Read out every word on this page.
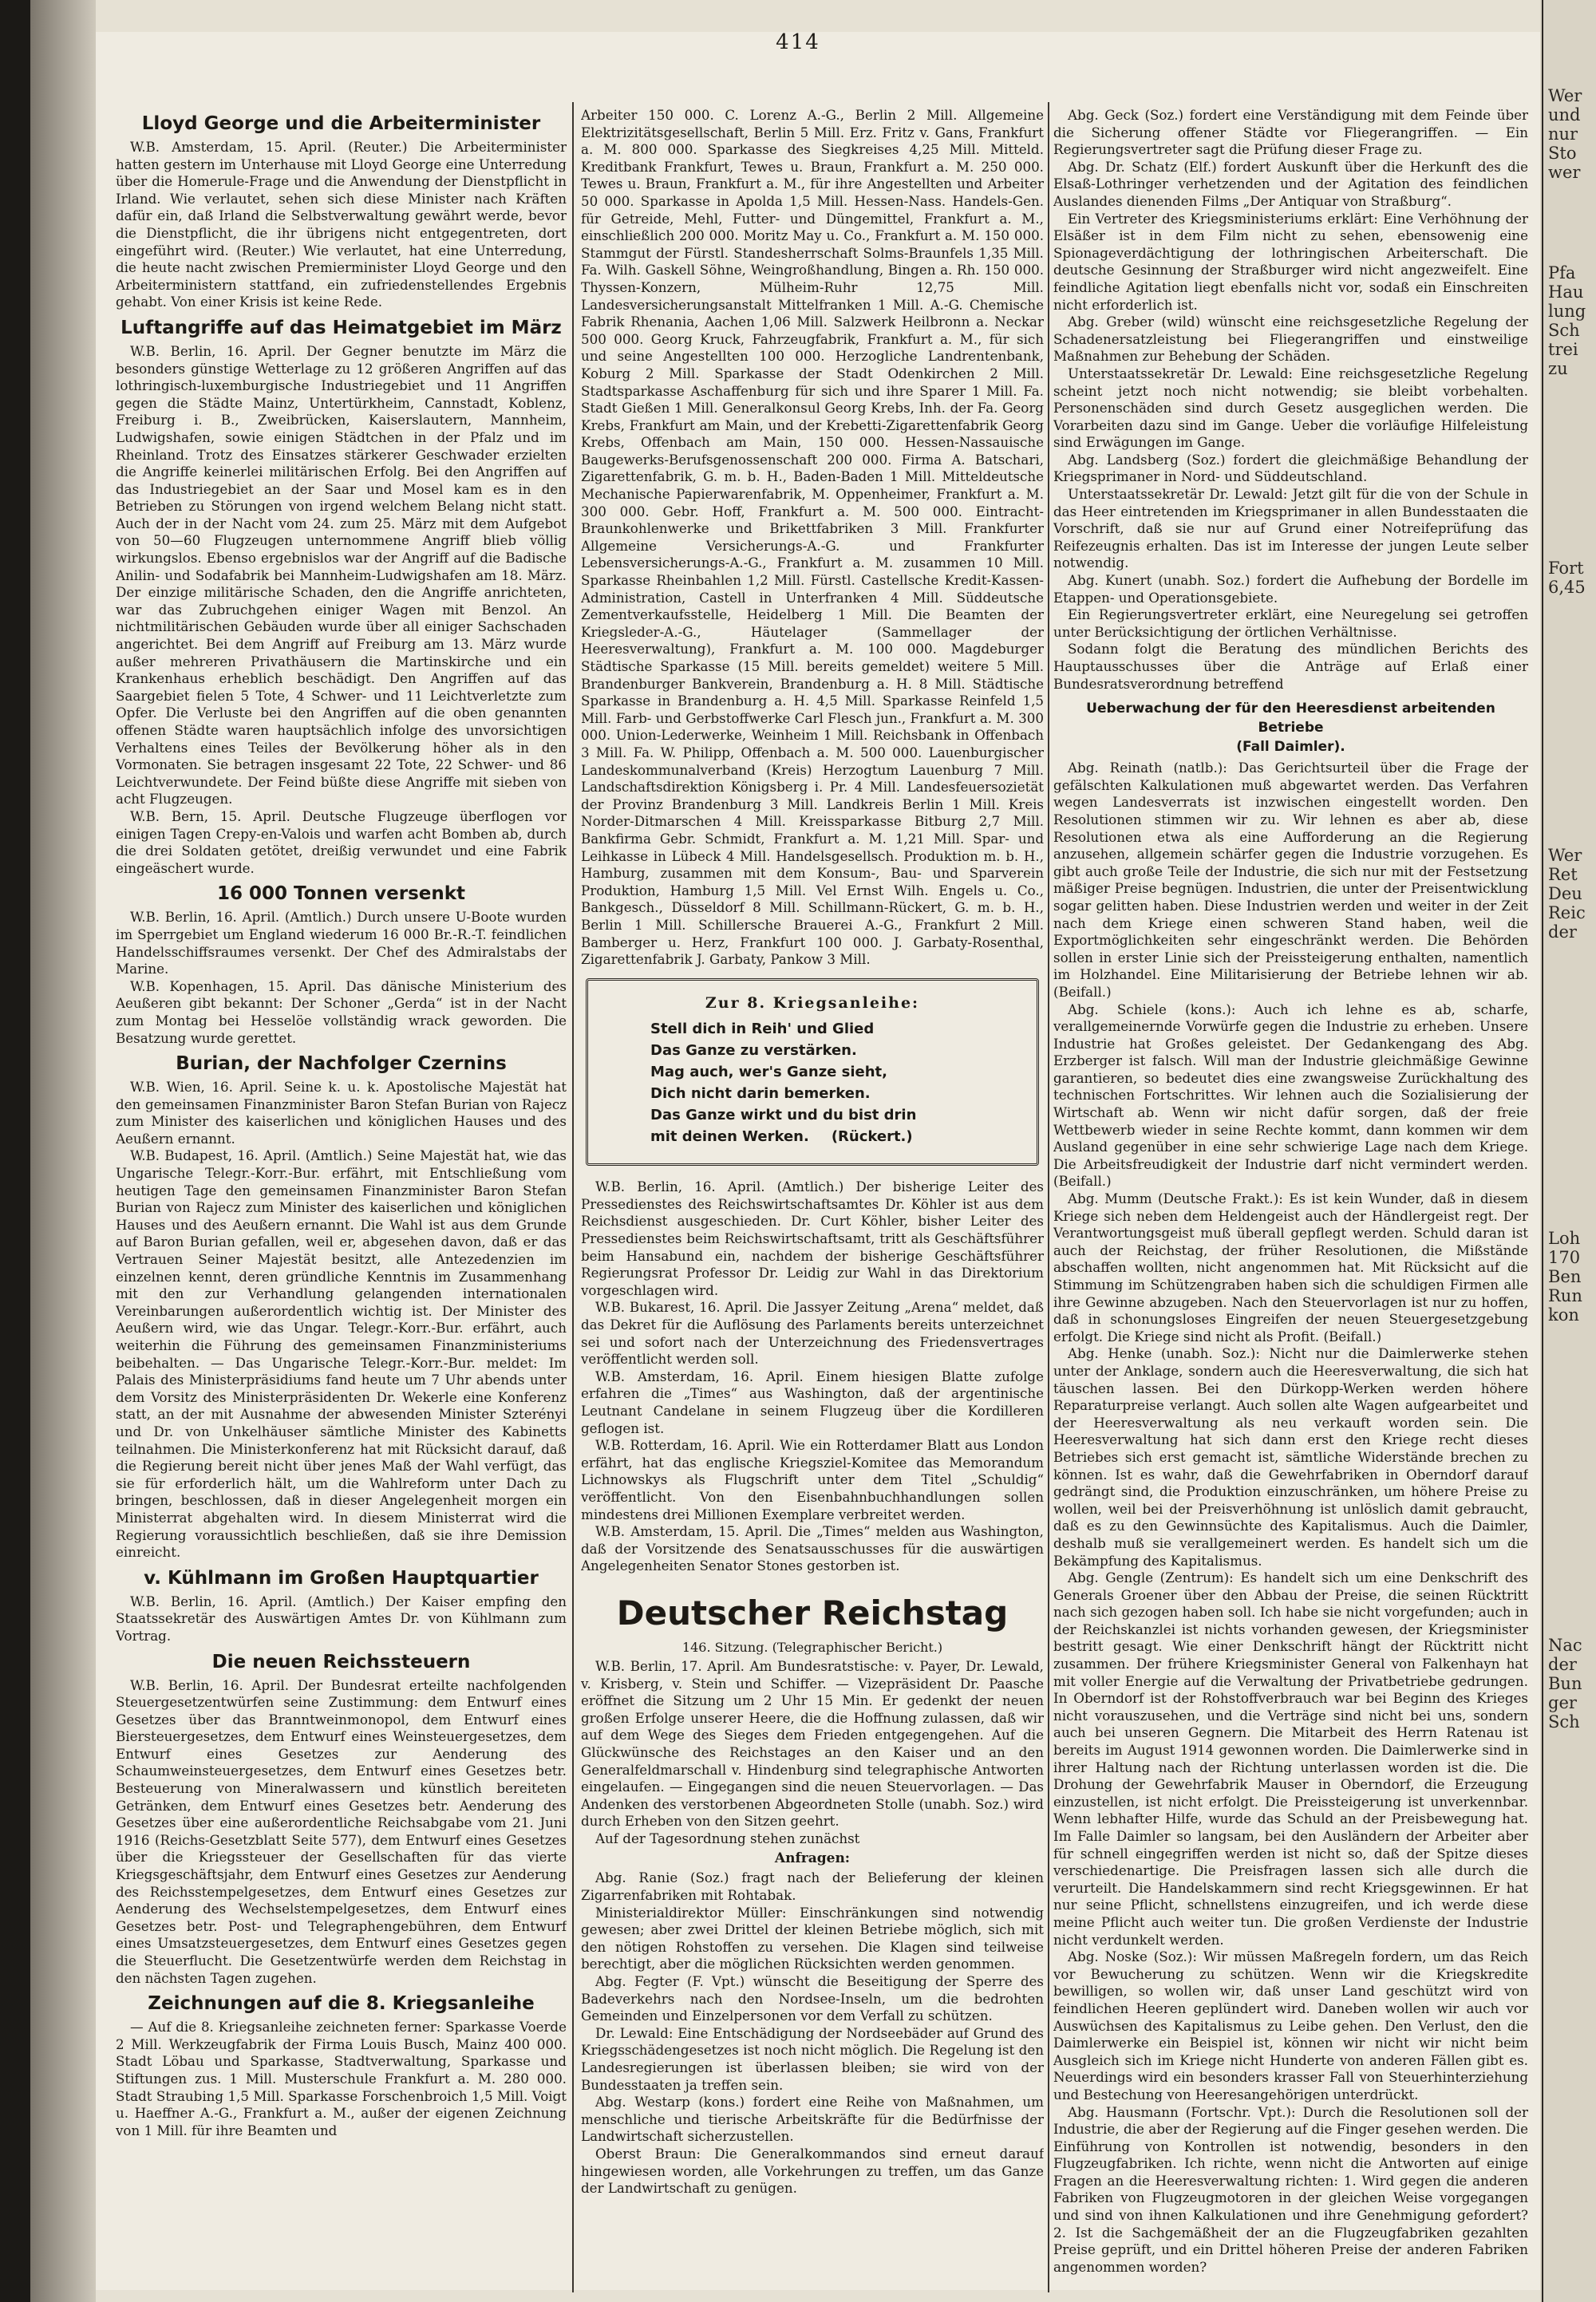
Wer
und
nur
Sto
wer
Pfa
Hau
lung
Sch
trei
zu
Fort
6,45
Wer
Ret
Deu
Reic
der
Loh
170
Ben
Run
kon
Nac
der
Bun
ger
Sch
414
Lloyd George und die Arbeiterminister

W.B. Amsterdam, 15. April. (Reuter.) Die Arbeiterminister hatten gestern im Unterhause mit Lloyd George eine Unterredung über die Homerule-Frage und die Anwendung der Dienstpflicht in Irland. Wie verlautet, sehen sich diese Minister nach Kräften dafür ein, daß Irland die Selbstverwaltung gewährt werde, bevor die Dienstpflicht, die ihr übrigens nicht entgegentreten, dort eingeführt wird. (Reuter.) Wie verlautet, hat eine Unterredung, die heute nacht zwischen Premierminister Lloyd George und den Arbeiterministern stattfand, ein zufriedenstellendes Ergebnis gehabt. Von einer Krisis ist keine Rede.

Luftangriffe auf das Heimatgebiet im März

W.B. Berlin, 16. April. Der Gegner benutzte im März die besonders günstige Wetterlage zu 12 größeren Angriffen auf das lothringisch-luxemburgische Industriegebiet und 11 Angriffen gegen die Städte Mainz, Untertürkheim, Cannstadt, Koblenz, Freiburg i. B., Zweibrücken, Kaiserslautern, Mannheim, Ludwigshafen, sowie einigen Städtchen in der Pfalz und im Rheinland. Trotz des Einsatzes stärkerer Geschwader erzielten die Angriffe keinerlei militärischen Erfolg. Bei den Angriffen auf das Industriegebiet an der Saar und Mosel kam es in den Betrieben zu Störungen von irgend welchem Belang nicht statt. Auch der in der Nacht vom 24. zum 25. März mit dem Aufgebot von 50—60 Flugzeugen unternommene Angriff blieb völlig wirkungslos. Ebenso ergebnislos war der Angriff auf die Badische Anilin- und Sodafabrik bei Mannheim-Ludwigshafen am 18. März. Der einzige militärische Schaden, den die Angriffe anrichteten, war das Zubruchgehen einiger Wagen mit Benzol. An nichtmilitärischen Gebäuden wurde über all einiger Sachschaden angerichtet. Bei dem Angriff auf Freiburg am 13. März wurde außer mehreren Privathäusern die Martinskirche und ein Krankenhaus erheblich beschädigt. Den Angriffen auf das Saargebiet fielen 5 Tote, 4 Schwer- und 11 Leichtverletzte zum Opfer. Die Verluste bei den Angriffen auf die oben genannten offenen Städte waren hauptsächlich infolge des unvorsichtigen Verhaltens eines Teiles der Bevölkerung höher als in den Vormonaten. Sie betragen insgesamt 22 Tote, 22 Schwer- und 86 Leichtverwundete. Der Feind büßte diese Angriffe mit sieben von acht Flugzeugen.

W.B. Bern, 15. April. Deutsche Flugzeuge überflogen vor einigen Tagen Crepy-en-Valois und warfen acht Bomben ab, durch die drei Soldaten getötet, dreißig verwundet und eine Fabrik eingeäschert wurde.

16 000 Tonnen versenkt

W.B. Berlin, 16. April. (Amtlich.) Durch unsere U-Boote wurden im Sperrgebiet um England wiederum 16 000 Br.-R.-T. feindlichen Handelsschiffsraumes versenkt. Der Chef des Admiralstabs der Marine.

W.B. Kopenhagen, 15. April. Das dänische Ministerium des Aeußeren gibt bekannt: Der Schoner „Gerda“ ist in der Nacht zum Montag bei Hesselöe vollständig wrack geworden. Die Besatzung wurde gerettet.

Burian, der Nachfolger Czernins

W.B. Wien, 16. April. Seine k. u. k. Apostolische Majestät hat den gemeinsamen Finanzminister Baron Stefan Burian von Rajecz zum Minister des kaiserlichen und königlichen Hauses und des Aeußern ernannt.

W.B. Budapest, 16. April. (Amtlich.) Seine Majestät hat, wie das Ungarische Telegr.-Korr.-Bur. erfährt, mit Entschließung vom heutigen Tage den gemeinsamen Finanzminister Baron Stefan Burian von Rajecz zum Minister des kaiserlichen und königlichen Hauses und des Aeußern ernannt. Die Wahl ist aus dem Grunde auf Baron Burian gefallen, weil er, abgesehen davon, daß er das Vertrauen Seiner Majestät besitzt, alle Antezedenzien im einzelnen kennt, deren gründliche Kenntnis im Zusammenhang mit den zur Verhandlung gelangenden internationalen Vereinbarungen außerordentlich wichtig ist. Der Minister des Aeußern wird, wie das Ungar. Telegr.-Korr.-Bur. erfährt, auch weiterhin die Führung des gemeinsamen Finanzministeriums beibehalten. — Das Ungarische Telegr.-Korr.-Bur. meldet: Im Palais des Ministerpräsidiums fand heute um 7 Uhr abends unter dem Vorsitz des Ministerpräsidenten Dr. Wekerle eine Konferenz statt, an der mit Ausnahme der abwesenden Minister Szterényi und Dr. von Unkelhäuser sämtliche Minister des Kabinetts teilnahmen. Die Ministerkonferenz hat mit Rücksicht darauf, daß die Regierung bereit nicht über jenes Maß der Wahl verfügt, das sie für erforderlich hält, um die Wahlreform unter Dach zu bringen, beschlossen, daß in dieser Angelegenheit morgen ein Ministerrat abgehalten wird. In diesem Ministerrat wird die Regierung voraussichtlich beschließen, daß sie ihre Demission einreicht.

v. Kühlmann im Großen Hauptquartier

W.B. Berlin, 16. April. (Amtlich.) Der Kaiser empfing den Staatssekretär des Auswärtigen Amtes Dr. von Kühlmann zum Vortrag.

Die neuen Reichssteuern

W.B. Berlin, 16. April. Der Bundesrat erteilte nachfolgenden Steuergesetzentwürfen seine Zustimmung: dem Entwurf eines Gesetzes über das Branntweinmonopol, dem Entwurf eines Biersteuergesetzes, dem Entwurf eines Weinsteuergesetzes, dem Entwurf eines Gesetzes zur Aenderung des Schaumweinsteuergesetzes, dem Entwurf eines Gesetzes betr. Besteuerung von Mineralwassern und künstlich bereiteten Getränken, dem Entwurf eines Gesetzes betr. Aenderung des Gesetzes über eine außerordentliche Reichsabgabe vom 21. Juni 1916 (Reichs-Gesetzblatt Seite 577), dem Entwurf eines Gesetzes über die Kriegssteuer der Gesellschaften für das vierte Kriegsgeschäftsjahr, dem Entwurf eines Gesetzes zur Aenderung des Reichsstempelgesetzes, dem Entwurf eines Gesetzes zur Aenderung des Wechselstempelgesetzes, dem Entwurf eines Gesetzes betr. Post- und Telegraphengebühren, dem Entwurf eines Umsatzsteuergesetzes, dem Entwurf eines Gesetzes gegen die Steuerflucht. Die Gesetzentwürfe werden dem Reichstag in den nächsten Tagen zugehen.

Zeichnungen auf die 8. Kriegsanleihe

— Auf die 8. Kriegsanleihe zeichneten ferner: Sparkasse Voerde 2 Mill. Werkzeugfabrik der Firma Louis Busch, Mainz 400 000. Stadt Löbau und Sparkasse, Stadtverwaltung, Sparkasse und Stiftungen zus. 1 Mill. Musterschule Frankfurt a. M. 280 000. Stadt Straubing 1,5 Mill. Sparkasse Forschenbroich 1,5 Mill. Voigt u. Haeffner A.-G., Frankfurt a. M., außer der eigenen Zeichnung von 1 Mill. für ihre Beamten und

Arbeiter 150 000. C. Lorenz A.-G., Berlin 2 Mill. Allgemeine Elektrizitätsgesellschaft, Berlin 5 Mill. Erz. Fritz v. Gans, Frankfurt a. M. 800 000. Sparkasse des Siegkreises 4,25 Mill. Mitteld. Kreditbank Frankfurt, Tewes u. Braun, Frankfurt a. M. 250 000. Tewes u. Braun, Frankfurt a. M., für ihre Angestellten und Arbeiter 50 000. Sparkasse in Apolda 1,5 Mill. Hessen-Nass. Handels-Gen. für Getreide, Mehl, Futter- und Düngemittel, Frankfurt a. M., einschließlich 200 000. Moritz May u. Co., Frankfurt a. M. 150 000. Stammgut der Fürstl. Standesherrschaft Solms-Braunfels 1,35 Mill. Fa. Wilh. Gaskell Söhne, Weingroßhandlung, Bingen a. Rh. 150 000. Thyssen-Konzern, Mülheim-Ruhr 12,75 Mill. Landesversicherungsanstalt Mittelfranken 1 Mill. A.-G. Chemische Fabrik Rhenania, Aachen 1,06 Mill. Salzwerk Heilbronn a. Neckar 500 000. Georg Kruck, Fahrzeugfabrik, Frankfurt a. M., für sich und seine Angestellten 100 000. Herzogliche Landrentenbank, Koburg 2 Mill. Sparkasse der Stadt Odenkirchen 2 Mill. Stadtsparkasse Aschaffenburg für sich und ihre Sparer 1 Mill. Fa. Stadt Gießen 1 Mill. Generalkonsul Georg Krebs, Inh. der Fa. Georg Krebs, Frankfurt am Main, und der Krebetti-Zigarettenfabrik Georg Krebs, Offenbach am Main, 150 000. Hessen-Nassauische Baugewerks-Berufsgenossenschaft 200 000. Firma A. Batschari, Zigarettenfabrik, G. m. b. H., Baden-Baden 1 Mill. Mitteldeutsche Mechanische Papierwarenfabrik, M. Oppenheimer, Frankfurt a. M. 300 000. Gebr. Hoff, Frankfurt a. M. 500 000. Eintracht-Braunkohlenwerke und Brikettfabriken 3 Mill. Frankfurter Allgemeine Versicherungs-A.-G. und Frankfurter Lebensversicherungs-A.-G., Frankfurt a. M. zusammen 10 Mill. Sparkasse Rheinbahlen 1,2 Mill. Fürstl. Castellsche Kredit-Kassen-Administration, Castell in Unterfranken 4 Mill. Süddeutsche Zementverkaufsstelle, Heidelberg 1 Mill. Die Beamten der Kriegsleder-A.-G., Häutelager (Sammellager der Heeresverwaltung), Frankfurt a. M. 100 000. Magdeburger Städtische Sparkasse (15 Mill. bereits gemeldet) weitere 5 Mill. Brandenburger Bankverein, Brandenburg a. H. 8 Mill. Städtische Sparkasse in Brandenburg a. H. 4,5 Mill. Sparkasse Reinfeld 1,5 Mill. Farb- und Gerbstoffwerke Carl Flesch jun., Frankfurt a. M. 300 000. Union-Lederwerke, Weinheim 1 Mill. Reichsbank in Offenbach 3 Mill. Fa. W. Philipp, Offenbach a. M. 500 000. Lauenburgischer Landeskommunalverband (Kreis) Herzogtum Lauenburg 7 Mill. Landschaftsdirektion Königsberg i. Pr. 4 Mill. Landesfeuersozietät der Provinz Brandenburg 3 Mill. Landkreis Berlin 1 Mill. Kreis Norder-Ditmarschen 4 Mill. Kreissparkasse Bitburg 2,7 Mill. Bankfirma Gebr. Schmidt, Frankfurt a. M. 1,21 Mill. Spar- und Leihkasse in Lübeck 4 Mill. Handelsgesellsch. Produktion m. b. H., Hamburg, zusammen mit dem Konsum-, Bau- und Sparverein Produktion, Hamburg 1,5 Mill. Vel Ernst Wilh. Engels u. Co., Bankgesch., Düsseldorf 8 Mill. Schillmann-Rückert, G. m. b. H., Berlin 1 Mill. Schillersche Brauerei A.-G., Frankfurt 2 Mill. Bamberger u. Herz, Frankfurt 100 000. J. Garbaty-Rosenthal, Zigarettenfabrik J. Garbaty, Pankow 3 Mill.

Zur 8. Kriegsanleihe:
Stell dich in Reih' und Glied
Das Ganze zu verstärken.
Mag auch, wer's Ganze sieht,
Dich nicht darin bemerken.
Das Ganze wirkt und du bist drin
mit deinen Werken. (Rückert.)

W.B. Berlin, 16. April. (Amtlich.) Der bisherige Leiter des Pressedienstes des Reichswirtschaftsamtes Dr. Köhler ist aus dem Reichsdienst ausgeschieden. Dr. Curt Köhler, bisher Leiter des Pressedienstes beim Reichswirtschaftsamt, tritt als Geschäftsführer beim Hansabund ein, nachdem der bisherige Geschäftsführer Regierungsrat Professor Dr. Leidig zur Wahl in das Direktorium vorgeschlagen wird.

W.B. Bukarest, 16. April. Die Jassyer Zeitung „Arena“ meldet, daß das Dekret für die Auflösung des Parlaments bereits unterzeichnet sei und sofort nach der Unterzeichnung des Friedensvertrages veröffentlicht werden soll.

W.B. Amsterdam, 16. April. Einem hiesigen Blatte zufolge erfahren die „Times“ aus Washington, daß der argentinische Leutnant Candelane in seinem Flugzeug über die Kordilleren geflogen ist.

W.B. Rotterdam, 16. April. Wie ein Rotterdamer Blatt aus London erfährt, hat das englische Kriegsziel-Komitee das Memorandum Lichnowskys als Flugschrift unter dem Titel „Schuldig“ veröffentlicht. Von den Eisenbahnbuchhandlungen sollen mindestens drei Millionen Exemplare verbreitet werden.

W.B. Amsterdam, 15. April. Die „Times“ melden aus Washington, daß der Vorsitzende des Senatsausschusses für die auswärtigen Angelegenheiten Senator Stones gestorben ist.

Deutscher Reichstag
146. Sitzung. (Telegraphischer Bericht.)

W.B. Berlin, 17. April. Am Bundesratstische: v. Payer, Dr. Lewald, v. Krisberg, v. Stein und Schiffer. — Vizepräsident Dr. Paasche eröffnet die Sitzung um 2 Uhr 15 Min. Er gedenkt der neuen großen Erfolge unserer Heere, die die Hoffnung zulassen, daß wir auf dem Wege des Sieges dem Frieden entgegengehen. Auf die Glückwünsche des Reichstages an den Kaiser und an den Generalfeldmarschall v. Hindenburg sind telegraphische Antworten eingelaufen. — Eingegangen sind die neuen Steuervorlagen. — Das Andenken des verstorbenen Abgeordneten Stolle (unabh. Soz.) wird durch Erheben von den Sitzen geehrt.

Auf der Tagesordnung stehen zunächst

Anfragen:

Abg. Ranie (Soz.) fragt nach der Belieferung der kleinen Zigarrenfabriken mit Rohtabak.

Ministerialdirektor Müller: Einschränkungen sind notwendig gewesen; aber zwei Drittel der kleinen Betriebe möglich, sich mit den nötigen Rohstoffen zu versehen. Die Klagen sind teilweise berechtigt, aber die möglichen Rücksichten werden genommen.

Abg. Fegter (F. Vpt.) wünscht die Beseitigung der Sperre des Badeverkehrs nach den Nordsee-Inseln, um die bedrohten Gemeinden und Einzelpersonen vor dem Verfall zu schützen.

Dr. Lewald: Eine Entschädigung der Nordseebäder auf Grund des Kriegsschädengesetzes ist noch nicht möglich. Die Regelung ist den Landesregierungen ist überlassen bleiben; sie wird von der Bundesstaaten ja treffen sein.

Abg. Westarp (kons.) fordert eine Reihe von Maßnahmen, um menschliche und tierische Arbeitskräfte für die Bedürfnisse der Landwirtschaft sicherzustellen.

Oberst Braun: Die Generalkommandos sind erneut darauf hingewiesen worden, alle Vorkehrungen zu treffen, um das Ganze der Landwirtschaft zu genügen.

Abg. Geck (Soz.) fordert eine Verständigung mit dem Feinde über die Sicherung offener Städte vor Fliegerangriffen. — Ein Regierungsvertreter sagt die Prüfung dieser Frage zu.

Abg. Dr. Schatz (Elf.) fordert Auskunft über die Herkunft des die Elsaß-Lothringer verhetzenden und der Agitation des feindlichen Auslandes dienenden Films „Der Antiquar von Straßburg“.

Ein Vertreter des Kriegsministeriums erklärt: Eine Verhöhnung der Elsäßer ist in dem Film nicht zu sehen, ebensowenig eine Spionageverdächtigung der lothringischen Arbeiterschaft. Die deutsche Gesinnung der Straßburger wird nicht angezweifelt. Eine feindliche Agitation liegt ebenfalls nicht vor, sodaß ein Einschreiten nicht erforderlich ist.

Abg. Greber (wild) wünscht eine reichsgesetzliche Regelung der Schadenersatzleistung bei Fliegerangriffen und einstweilige Maßnahmen zur Behebung der Schäden.

Unterstaatssekretär Dr. Lewald: Eine reichsgesetzliche Regelung scheint jetzt noch nicht notwendig; sie bleibt vorbehalten. Personenschäden sind durch Gesetz ausgeglichen werden. Die Vorarbeiten dazu sind im Gange. Ueber die vorläufige Hilfeleistung sind Erwägungen im Gange.

Abg. Landsberg (Soz.) fordert die gleichmäßige Behandlung der Kriegsprimaner in Nord- und Süddeutschland.

Unterstaatssekretär Dr. Lewald: Jetzt gilt für die von der Schule in das Heer eintretenden im Kriegsprimaner in allen Bundesstaaten die Vorschrift, daß sie nur auf Grund einer Notreifeprüfung das Reifezeugnis erhalten. Das ist im Interesse der jungen Leute selber notwendig.

Abg. Kunert (unabh. Soz.) fordert die Aufhebung der Bordelle im Etappen- und Operationsgebiete.

Ein Regierungsvertreter erklärt, eine Neuregelung sei getroffen unter Berücksichtigung der örtlichen Verhältnisse.

Sodann folgt die Beratung des mündlichen Berichts des Hauptausschusses über die Anträge auf Erlaß einer Bundesratsverordnung betreffend

Ueberwachung der für den Heeresdienst arbeitenden Betriebe
(Fall Daimler).

Abg. Reinath (natlb.): Das Gerichtsurteil über die Frage der gefälschten Kalkulationen muß abgewartet werden. Das Verfahren wegen Landesverrats ist inzwischen eingestellt worden. Den Resolutionen stimmen wir zu. Wir lehnen es aber ab, diese Resolutionen etwa als eine Aufforderung an die Regierung anzusehen, allgemein schärfer gegen die Industrie vorzugehen. Es gibt auch große Teile der Industrie, die sich nur mit der Festsetzung mäßiger Preise begnügen. Industrien, die unter der Preisentwicklung sogar gelitten haben. Diese Industrien werden und weiter in der Zeit nach dem Kriege einen schweren Stand haben, weil die Exportmöglichkeiten sehr eingeschränkt werden. Die Behörden sollen in erster Linie sich der Preissteigerung enthalten, namentlich im Holzhandel. Eine Militarisierung der Betriebe lehnen wir ab. (Beifall.)

Abg. Schiele (kons.): Auch ich lehne es ab, scharfe, verallgemeinernde Vorwürfe gegen die Industrie zu erheben. Unsere Industrie hat Großes geleistet. Der Gedankengang des Abg. Erzberger ist falsch. Will man der Industrie gleichmäßige Gewinne garantieren, so bedeutet dies eine zwangsweise Zurückhaltung des technischen Fortschrittes. Wir lehnen auch die Sozialisierung der Wirtschaft ab. Wenn wir nicht dafür sorgen, daß der freie Wettbewerb wieder in seine Rechte kommt, dann kommen wir dem Ausland gegenüber in eine sehr schwierige Lage nach dem Kriege. Die Arbeitsfreudigkeit der Industrie darf nicht vermindert werden. (Beifall.)

Abg. Mumm (Deutsche Frakt.): Es ist kein Wunder, daß in diesem Kriege sich neben dem Heldengeist auch der Händlergeist regt. Der Verantwortungsgeist muß überall gepflegt werden. Schuld daran ist auch der Reichstag, der früher Resolutionen, die Mißstände abschaffen wollten, nicht angenommen hat. Mit Rücksicht auf die Stimmung im Schützengraben haben sich die schuldigen Firmen alle ihre Gewinne abzugeben. Nach den Steuervorlagen ist nur zu hoffen, daß in schonungsloses Eingreifen der neuen Steuergesetzgebung erfolgt. Die Kriege sind nicht als Profit. (Beifall.)

Abg. Henke (unabh. Soz.): Nicht nur die Daimlerwerke stehen unter der Anklage, sondern auch die Heeresverwaltung, die sich hat täuschen lassen. Bei den Dürkopp-Werken werden höhere Reparaturpreise verlangt. Auch sollen alte Wagen aufgearbeitet und der Heeresverwaltung als neu verkauft worden sein. Die Heeresverwaltung hat sich dann erst den Kriege recht dieses Betriebes sich erst gemacht ist, sämtliche Widerstände brechen zu können. Ist es wahr, daß die Gewehrfabriken in Oberndorf darauf gedrängt sind, die Produktion einzuschränken, um höhere Preise zu wollen, weil bei der Preisverhöhnung ist unlöslich damit gebraucht, daß es zu den Gewinnsüchte des Kapitalismus. Auch die Daimler, deshalb muß sie verallgemeinert werden. Es handelt sich um die Bekämpfung des Kapitalismus.

Abg. Gengle (Zentrum): Es handelt sich um eine Denkschrift des Generals Groener über den Abbau der Preise, die seinen Rücktritt nach sich gezogen haben soll. Ich habe sie nicht vorgefunden; auch in der Reichskanzlei ist nichts vorhanden gewesen, der Kriegsminister bestritt gesagt. Wie einer Denkschrift hängt der Rücktritt nicht zusammen. Der frühere Kriegsminister General von Falkenhayn hat mit voller Energie auf die Verwaltung der Privatbetriebe gedrungen. In Oberndorf ist der Rohstoffverbrauch war bei Beginn des Krieges nicht vorauszusehen, und die Verträge sind nicht bei uns, sondern auch bei unseren Gegnern. Die Mitarbeit des Herrn Ratenau ist bereits im August 1914 gewonnen worden. Die Daimlerwerke sind in ihrer Haltung nach der Richtung unterlassen worden ist die. Die Drohung der Gewehrfabrik Mauser in Oberndorf, die Erzeugung einzustellen, ist nicht erfolgt. Die Preissteigerung ist unverkennbar. Wenn lebhafter Hilfe, wurde das Schuld an der Preisbewegung hat. Im Falle Daimler so langsam, bei den Ausländern der Arbeiter aber für schnell eingegriffen werden ist nicht so, daß der Spitze dieses verschiedenartige. Die Preisfragen lassen sich alle durch die verurteilt. Die Handelskammern sind recht Kriegsgewinnen. Er hat nur seine Pflicht, schnellstens einzugreifen, und ich werde diese meine Pflicht auch weiter tun. Die großen Verdienste der Industrie nicht verdunkelt werden.

Abg. Noske (Soz.): Wir müssen Maßregeln fordern, um das Reich vor Bewucherung zu schützen. Wenn wir die Kriegskredite bewilligen, so wollen wir, daß unser Land geschützt wird von feindlichen Heeren geplündert wird. Daneben wollen wir auch vor Auswüchsen des Kapitalismus zu Leibe gehen. Den Verlust, den die Daimlerwerke ein Beispiel ist, können wir nicht wir nicht beim Ausgleich sich im Kriege nicht Hunderte von anderen Fällen gibt es. Neuerdings wird ein besonders krasser Fall von Steuerhinterziehung und Bestechung von Heeresangehörigen unterdrückt.

Abg. Hausmann (Fortschr. Vpt.): Durch die Resolutionen soll der Industrie, die aber der Regierung auf die Finger gesehen werden. Die Einführung von Kontrollen ist notwendig, besonders in den Flugzeugfabriken. Ich richte, wenn nicht die Antworten auf einige Fragen an die Heeresverwaltung richten: 1. Wird gegen die anderen Fabriken von Flugzeugmotoren in der gleichen Weise vorgegangen und sind von ihnen Kalkulationen und ihre Genehmigung gefordert? 2. Ist die Sachgemäßheit der an die Flugzeugfabriken gezahlten Preise geprüft, und ein Drittel höheren Preise der anderen Fabriken angenommen worden?
